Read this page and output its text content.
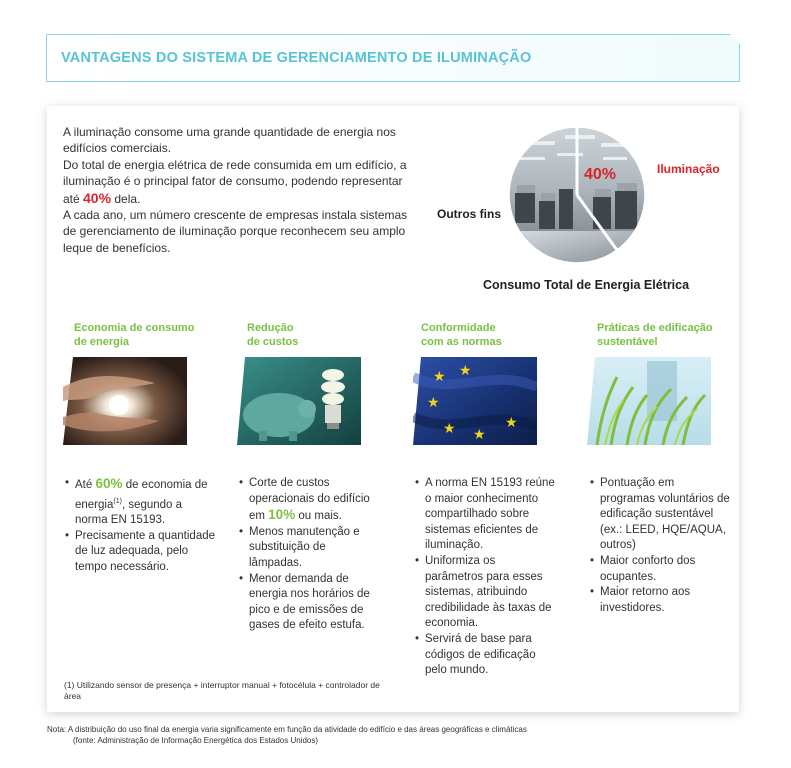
VANTAGENS DO SISTEMA DE GERENCIAMENTO DE ILUMINAÇÃO

A iluminação consome uma grande quantidade de energia nos edifícios comerciais.

Do total de energia elétrica de rede consumida em um edifício, a iluminação é o principal fator de consumo, podendo representar até 40% dela.

A cada ano, um número crescente de empresas instala sistemas de gerenciamento de iluminação porque reconhecem seu amplo leque de benefícios.

40%	Iluminação
Outros fins
Consumo Total de Energia Elétrica
Economia de consumo
de energia
Redução
de custos
Conformidade
com as normas
Práticas de edificação
sustentável
★ ★
★
★ ★
★
• Até 60% de economia de energia$^{(1)}$, segundo a norma EN 15193.
• Precisamente a quantidade de luz adequada, pelo tempo necessário.
• Corte de custos operacionais do edifício em 10% ou mais.
• Menos manutenção e substituição de lâmpadas.
• Menor demanda de energia nos horários de pico e de emissões de gases de efeito estufa.
• A norma EN 15193 reúne o maior conhecimento compartilhado sobre sistemas eficientes de iluminação.
• Uniformiza os parâmetros para esses sistemas, atribuindo credibilidade às taxas de economia.
• Servirá de base para códigos de edificação pelo mundo.
• Pontuação em programas voluntários de edificação sustentável (ex.: LEED, HQE/AQUA, outros)
• Maior conforto dos ocupantes.
• Maior retorno aos investidores.
(1) Utilizando sensor de presença + interruptor manual + fotocélula + controlador de área
Nota: A distribuição do uso final da energia varia significamente em função da atividade do edifício e das áreas geográficas e climáticas
(fonte: Administração de Informação Energética dos Estados Unidos)
